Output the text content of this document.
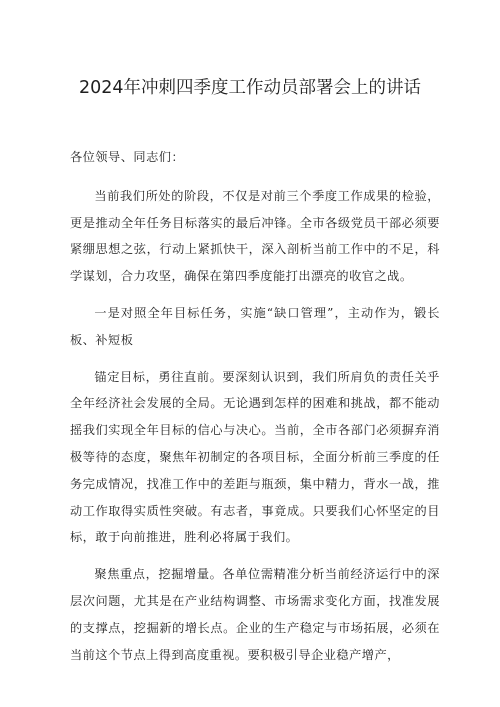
2024年冲刺四季度工作动员部署会上的讲话

各位领导、同志们：

当前我们所处的阶段，不仅是对前三个季度工作成果的检验，更是推动全年任务目标落实的最后冲锋。全市各级党员干部必须要紧绷思想之弦，行动上紧抓快干，深入剖析当前工作中的不足，科学谋划，合力攻坚，确保在第四季度能打出漂亮的收官之战。

一是对照全年目标任务，实施“缺口管理”，主动作为，锻长板、补短板

锚定目标，勇往直前。要深刻认识到，我们所肩负的责任关乎全年经济社会发展的全局。无论遇到怎样的困难和挑战，都不能动摇我们实现全年目标的信心与决心。当前，全市各部门必须摒弃消极等待的态度，聚焦年初制定的各项目标，全面分析前三季度的任务完成情况，找准工作中的差距与瓶颈，集中精力，背水一战，推动工作取得实质性突破。有志者，事竟成。只要我们心怀坚定的目标，敢于向前推进，胜利必将属于我们。

聚焦重点，挖掘增量。各单位需精准分析当前经济运行中的深层次问题，尤其是在产业结构调整、市场需求变化方面，找准发展的支撑点，挖掘新的增长点。企业的生产稳定与市场拓展，必须在当前这个节点上得到高度重视。要积极引导企业稳产增产，
